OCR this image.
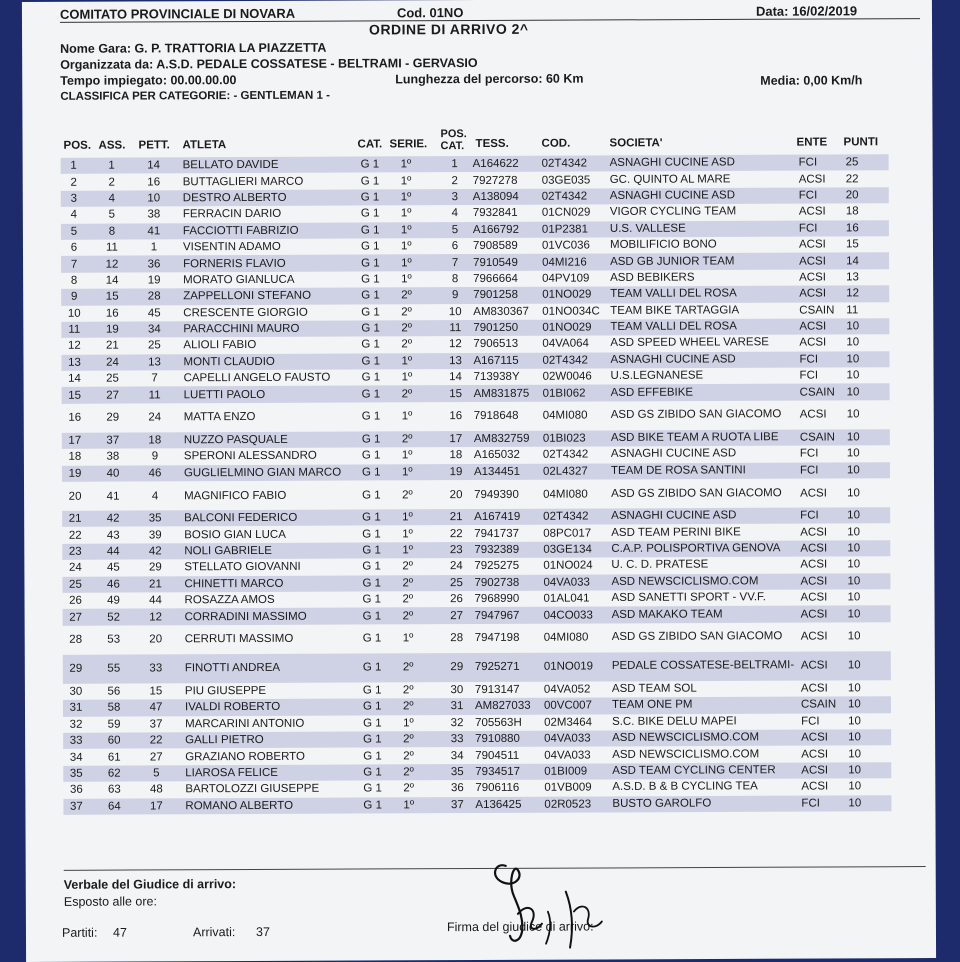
COMITATO PROVINCIALE DI NOVARA	Cod. 01NO	Data: 16/02/2019
ORDINE DI ARRIVO 2^
Nome Gara: G. P. TRATTORIA LA PIAZZETTA
Organizzata da: A.S.D. PEDALE COSSATESE - BELTRAMI - GERVASIO
Tempo impiegato: 00.00.00.00	Lunghezza del percorso: 60 Km	Media: 0,00 Km/h
CLASSIFICA PER CATEGORIE: - GENTLEMAN 1 -
POS. ASS. PETT. ATLETA	CAT. SERIE.
POS.
CAT. TESS.	COD.	SOCIETA'	ENTE PUNTI
1	1	14	BELLATO DAVIDE	G 1 1º	1	A164622 02T4342 ASNAGHI CUCINE ASD	FCI 25
2	2	16	BUTTAGLIERI MARCO	G 1 1º	2	7927278 03GE035 GC. QUINTO AL MARE	ACSI 22
3	4	10	DESTRO ALBERTO	G 1 1º	3	A138094 02T4342 ASNAGHI CUCINE ASD	FCI 20
4	5	38	FERRACIN DARIO	G 1 1º	4	7932841 01CN029 VIGOR CYCLING TEAM	ACSI 18
5	8	41	FACCIOTTI FABRIZIO	G 1 1º	5	A166792 01P2381 U.S. VALLESE	FCI 16
6	11	1	VISENTIN ADAMO	G 1 1º	6	7908589 01VC036 MOBILIFICIO BONO	ACSI 15
7	12	36	FORNERIS FLAVIO	G 1 1º	7	7910549 04MI216 ASD GB JUNIOR TEAM	ACSI 14
8	14	19	MORATO GIANLUCA	G 1 1º	8	7966664 04PV109 ASD BEBIKERS	ACSI 13
9	15	28	ZAPPELLONI STEFANO	G 1 2º	9	7901258 01NO029 TEAM VALLI DEL ROSA	ACSI 12
10	16	45	CRESCENTE GIORGIO	G 1 2º	10	AM830367 01NO034C TEAM BIKE TARTAGGIA	CSAIN 11
11	19	34	PARACCHINI MAURO	G 1 2º	11	7901250 01NO029 TEAM VALLI DEL ROSA	ACSI 10
12	21	25	ALIOLI FABIO	G 1 2º	12	7906513 04VA064 ASD SPEED WHEEL VARESE	ACSI 10
13	24	13	MONTI CLAUDIO	G 1 1º	13	A167115 02T4342 ASNAGHI CUCINE ASD	FCI 10
14	25	7	CAPELLI ANGELO FAUSTO	G 1 1º	14	713938Y 02W0046 U.S.LEGNANESE	FCI 10
15	27	11	LUETTI PAOLO	G 1 2º	15	AM831875 01BI062 ASD EFFEBIKE	CSAIN 10
16	29	24	MATTA ENZO	G 1 1º	16	7918648 04MI080 ASD GS ZIBIDO SAN GIACOMO	ACSI 10
17	37	18	NUZZO PASQUALE	G 1 2º	17	AM832759 01BI023 ASD BIKE TEAM A RUOTA LIBE	CSAIN 10
18	38	9	SPERONI ALESSANDRO	G 1 1º	18	A165032 02T4342 ASNAGHI CUCINE ASD	FCI 10
19	40	46	GUGLIELMINO GIAN MARCO G 1 1º	19	A134451 02L4327 TEAM DE ROSA SANTINI	FCI 10
20	41	4	MAGNIFICO FABIO	G 1 2º	20	7949390 04MI080 ASD GS ZIBIDO SAN GIACOMO	ACSI 10
21	42	35	BALCONI FEDERICO	G 1 1º	21	A167419 02T4342 ASNAGHI CUCINE ASD	FCI 10
22	43	39	BOSIO GIAN LUCA	G 1 1º	22	7941737 08PC017 ASD TEAM PERINI BIKE	ACSI 10
23	44	42	NOLI GABRIELE	G 1 1º	23	7932389 03GE134 C.A.P. POLISPORTIVA GENOVA	ACSI 10
24	45	29	STELLATO GIOVANNI	G 1 2º	24	7925275 01NO024 U. C. D. PRATESE	ACSI 10
25	46	21	CHINETTI MARCO	G 1 2º	25	7902738 04VA033 ASD NEWSCICLISMO.COM	ACSI 10
26	49	44	ROSAZZA AMOS	G 1 2º	26	7968990 01AL041 ASD SANETTI SPORT - VV.F.	ACSI 10
27	52	12	CORRADINI MASSIMO	G 1 2º	27	7947967 04CO033 ASD MAKAKO TEAM	ACSI 10
28	53	20	CERRUTI MASSIMO	G 1 1º	28	7947198 04MI080 ASD GS ZIBIDO SAN GIACOMO	ACSI 10
29	55	33	FINOTTI ANDREA	G 1 2º	29	7925271 01NO019 PEDALE COSSATESE-BELTRAMI- ACSI 10
30	56	15	PIU GIUSEPPE	G 1 2º	30	7913147 04VA052 ASD TEAM SOL	ACSI 10
31	58	47	IVALDI ROBERTO	G 1 2º	31	AM827033 00VC007 TEAM ONE PM	CSAIN 10
32	59	37	MARCARINI ANTONIO	G 1 1º	32	705563H 02M3464 S.C. BIKE DELU MAPEI	FCI 10
33	60	22	GALLI PIETRO	G 1 2º	33	7910880 04VA033 ASD NEWSCICLISMO.COM	ACSI 10
34	61	27	GRAZIANO ROBERTO	G 1 2º	34	7904511 04VA033 ASD NEWSCICLISMO.COM	ACSI 10
35	62	5	LIAROSA FELICE	G 1 2º	35	7934517 01BI009 ASD TEAM CYCLING CENTER	ACSI 10
36	63	48	BARTOLOZZI GIUSEPPE	G 1 2º	36	7906116 01VB009 A.S.D. B & B CYCLING TEA	ACSI 10
37	64	17	ROMANO ALBERTO	G 1 1º	37	A136425 02R0523 BUSTO GAROLFO	FCI 10
Verbale del Giudice di arrivo:
Esposto alle ore:
Partiti: 47	Arrivati: 37	Firma del giudice di arrivo:
